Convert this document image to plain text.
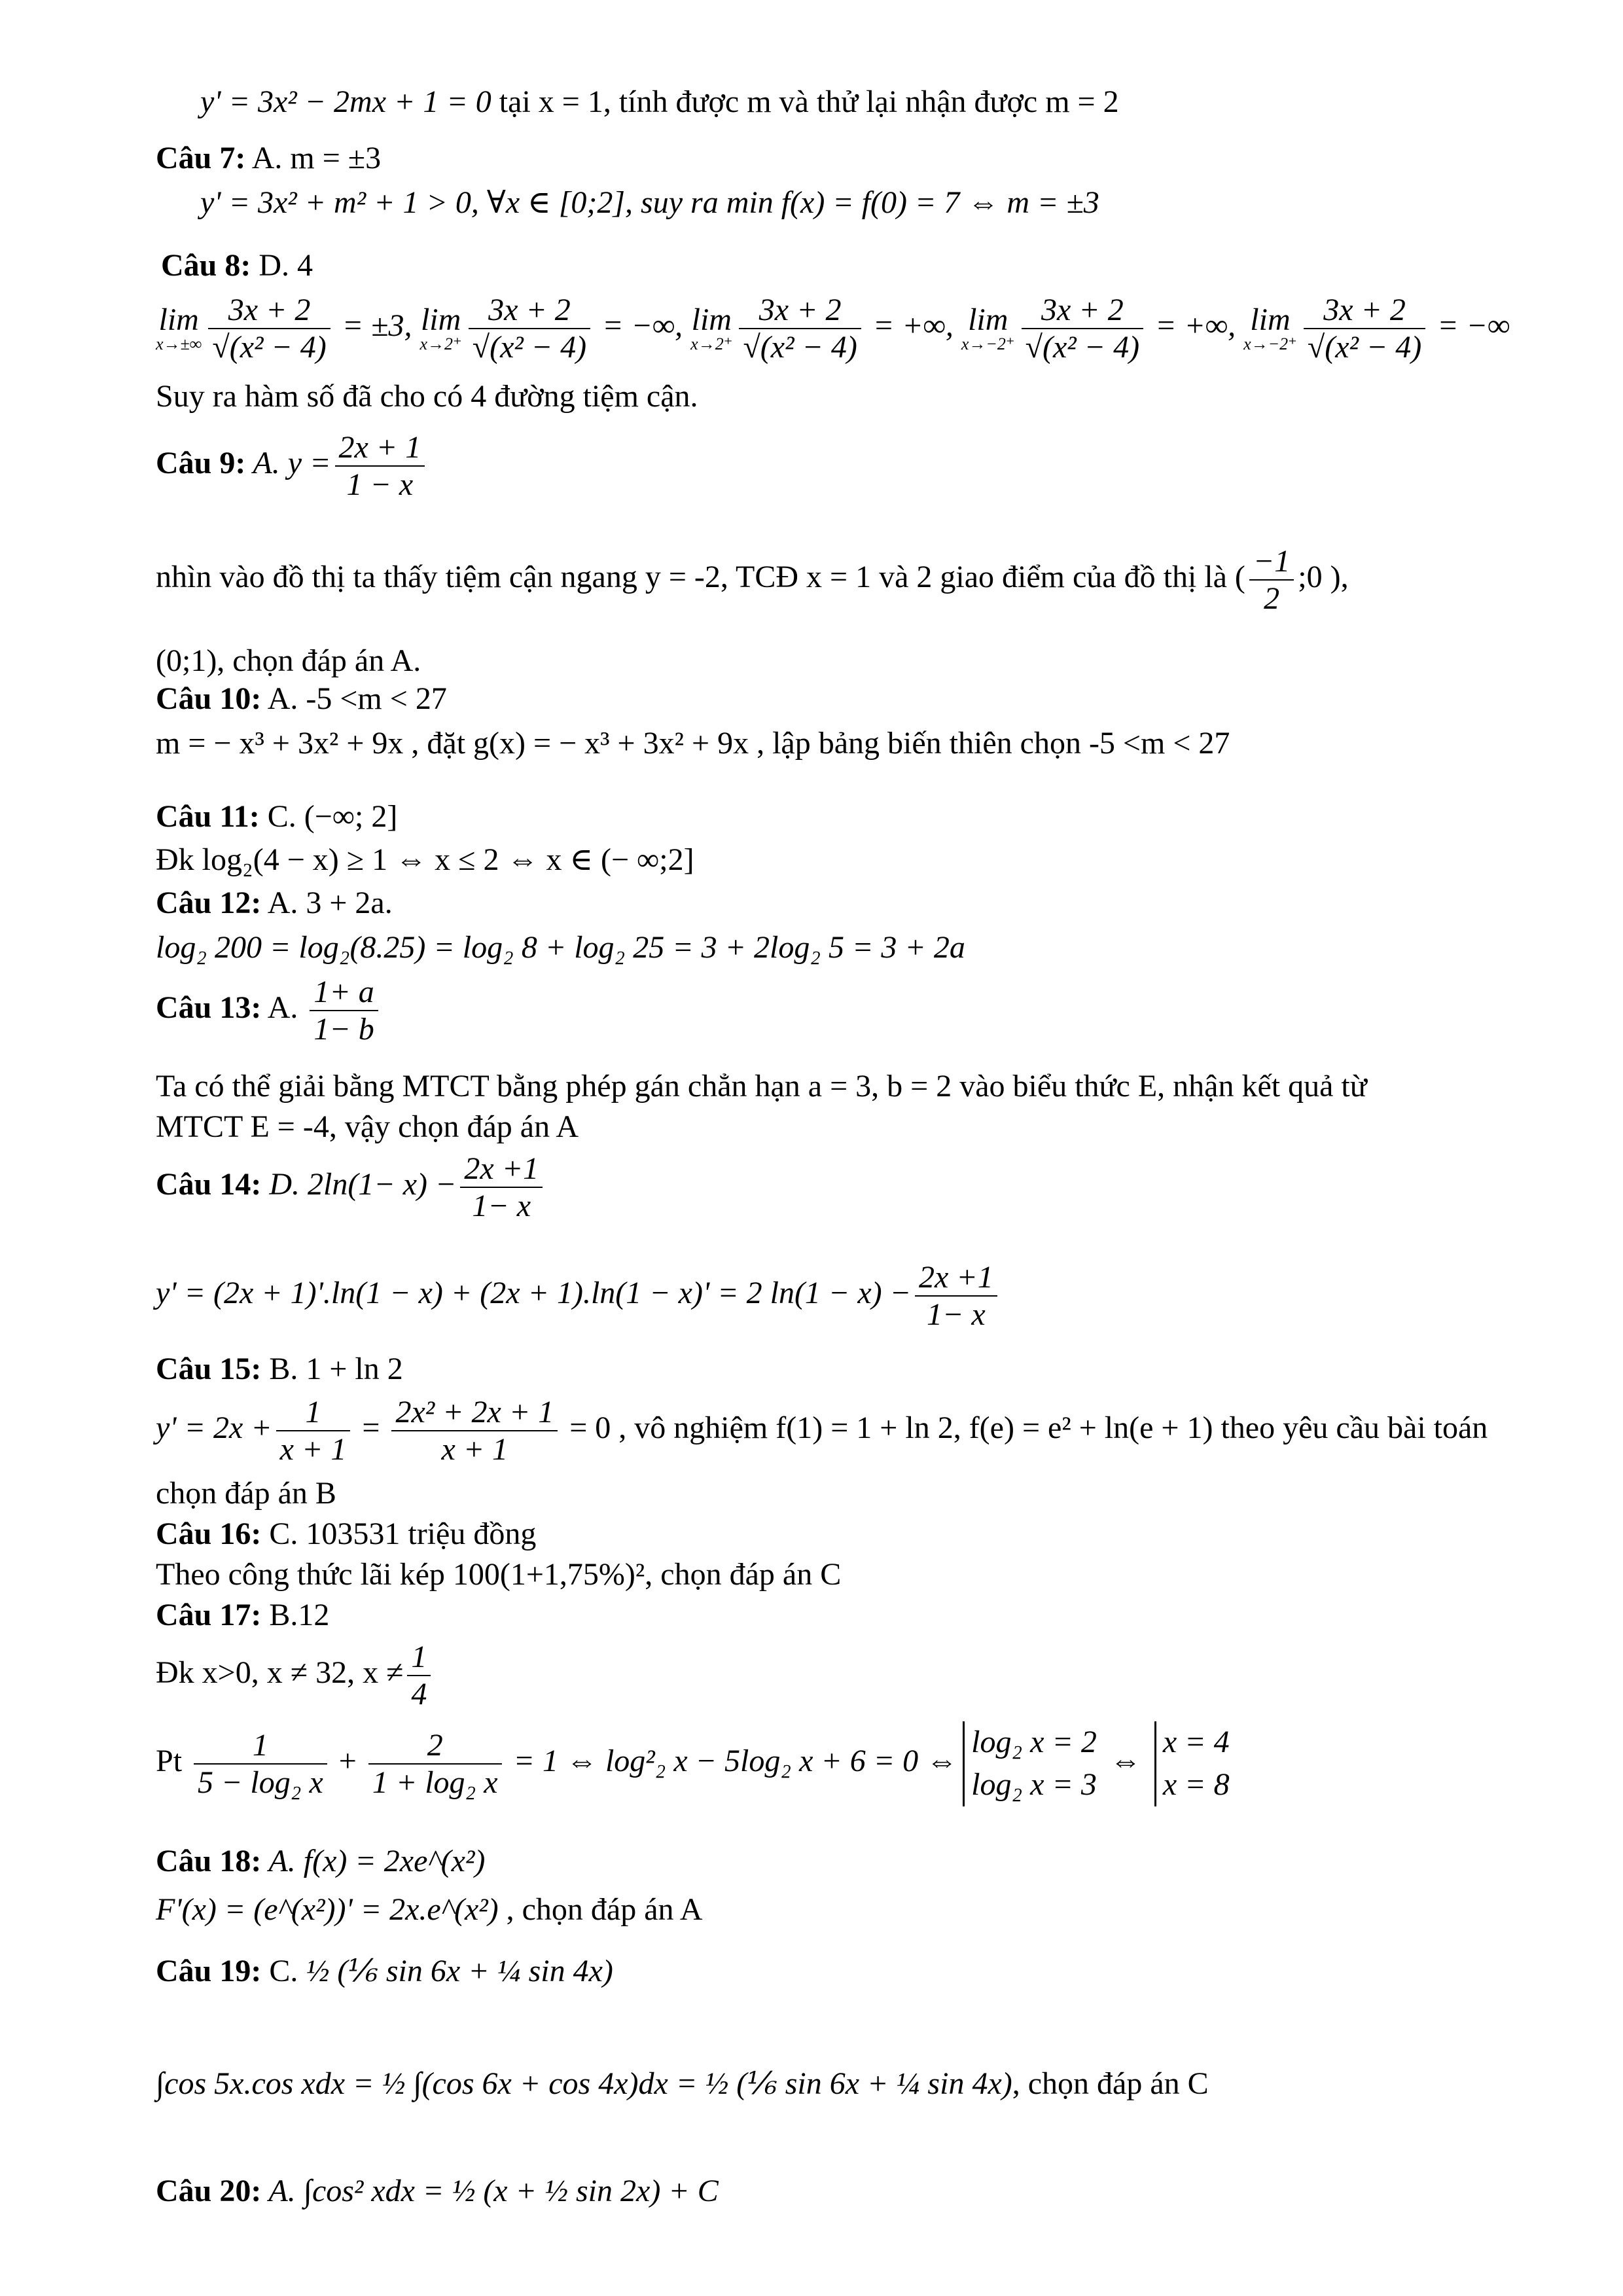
y' = 3x² − 2mx + 1 = 0 tại x = 1, tính được m và thử lại nhận được m = 2
Câu 7: A. m = ±3
y' = 3x² + m² + 1 > 0, ∀x ∈ [0;2], suy ra min f(x) = f(0) = 7 ⇔ m = ±3
Câu 8: D. 4
lim
$x\to\pm\infty \frac{3x + 2}{\text{√(x² − 4)}} = \pm 3$, lim
$x\to 2^+ \frac{3x + 2}{\text{√(x² − 4)}}$ = −∞, lim
$x\to 2^+ \frac{3x + 2}{\text{√(x² − 4)}}$ = +∞, lim
$x\to-2^+ \frac{3x + 2}{\text{√(x² − 4)}}$ = +∞, lim
$x\to-2^+ \frac{3x + 2}{\text{√(x² − 4)}}$ = −∞
Suy ra hàm số đã cho có 4 đường tiệm cận.
Câu 9: A. $y = \frac{2x + 1}{1 - x}$
nhìn vào đồ thị ta thấy tiệm cận ngang y = -2, TCĐ x = 1 và 2 giao điểm của đồ thị là ( $\frac{-1}{2}$ ;0 ),
(0;1), chọn đáp án A.
Câu 10: A. -5 <m < 27
m = − x³ + 3x² + 9x , đặt g(x) = − x³ + 3x² + 9x , lập bảng biến thiên chọn -5 <m < 27
Câu 11: C. (−∞; 2]
Đk log₂(4 − x) ≥ 1 ⇔ x ≤ 2 ⇔ x ∈ (− ∞;2]
Câu 12: A. 3 + 2a.
log₂ 200 = log₂(8.25) = log₂ 8 + log₂ 25 = 3 + 2log₂ 5 = 3 + 2a
Câu 13: A. $\frac{1+ a}{1- b}$
Ta có thể giải bằng MTCT bằng phép gán chẳn hạn a = 3, b = 2 vào biểu thức E, nhận kết quả từ
MTCT E = -4, vậy chọn đáp án A
Câu 14: D. $2\ln(1- x) - \frac{2x +1}{1- x}$
y' = (2x + 1)'.ln(1 − x) + (2x + 1).ln(1 − x)' = 2 $\ln(1 - x) - \frac{2x +1}{1- x}$
Câu 15: B. 1 + ln 2
$y' = 2x + \frac{1}{x + 1} = \frac{\text{2x² + 2x + 1}}{x + 1} = 0$ , vô nghiệm f(1) = 1 + ln 2, f(e) = e² + ln(e + 1) theo yêu cầu bài toán
chọn đáp án B
Câu 16: C. 103531 triệu đồng
Theo công thức lãi kép 100(1+1,75%)², chọn đáp án C
Câu 17: B.12
Đk x>0, x ≠ 32, $x \ne \frac{1}{4}$
Pt $\frac{1}{\text{5 − log₂ x}} + \frac{2}{\text{1 + log₂ x}} = 1$ ⇔ log²₂ x − 5log₂ x + 6 = 0 ⇔
log₂ x = 2
log₂ x = 3
⇔
x = 4
x = 8
Câu 18: A. f(x) = 2xe^(x²)
F'(x) = (e^(x²))' = 2x.e^(x²) , chọn đáp án A
Câu 19: C. ½ (⅙ sin 6x + ¼ sin 4x)
∫cos 5x.cos xdx = ½ ∫(cos 6x + cos 4x)dx = ½ (⅙ sin 6x + ¼ sin 4x), chọn đáp án C
Câu 20: A. ∫cos² xdx = ½ (x + ½ sin 2x) + C
